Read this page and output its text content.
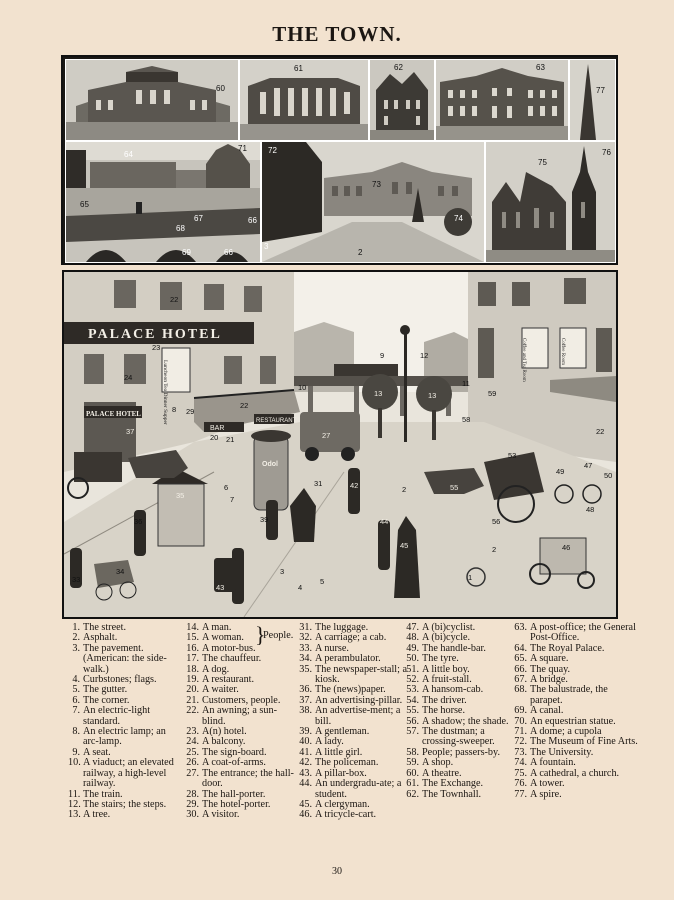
THE TOWN.
60
61	62	63
77
64
71
65
67
68
69
66
66
72
73
74
2
3
75
76
PALACE HOTEL
PALACE HOTEL
BAR
RESTAURANT
Luncheon Tea Dinner Supper
Coffee and Tea Room	Coffee Room
Odol
22
23
24
37
8
20 21
22
27
13	13
10
9	12
11
59
58
53
55
56
49	50
47
35
36
33
34
39
43
44
45
42
46
31
1
2
2
5
4
3
6
7
22
48
29
1. The street.
2. Asphalt.
3. The pavement. (American: the side-walk.)
4. Curbstones; flags.
5. The gutter.
6. The corner.
7. An electric-light standard.
8. An electric lamp; an arc-lamp.
9. A seat.
10. A viaduct; an elevated railway, a high-level railway.
11. The train.
12. The stairs; the steps.
13. A tree.
14. A man.
15. A woman.
16. A motor-bus.
17. The chauffeur.
18. A dog.
19. A restaurant.
20. A waiter.
21. Customers, people.
22. An awning; a sun-blind.
23. A(n) hotel.
24. A balcony.
25. The sign-board.
26. A coat-of-arms.
27. The entrance; the hall-door.
28. The hall-porter.
29. The hotel-porter.
30. A visitor.
}
People.
31. The luggage.
32. A carriage; a cab.
33. A nurse.
34. A perambulator.
35. The newspaper-stall; a kiosk.
36. The (news)paper.
37. An advertising-pillar.
38. An advertise-ment; a bill.
39. A gentleman.
40. A lady.
41. A little girl.
42. The policeman.
43. A pillar-box.
44. An undergradu-ate; a student.
45. A clergyman.
46. A tricycle-cart.
47. A (bi)cyclist.
48. A (bi)cycle.
49. The handle-bar.
50. The tyre.
51. A little boy.
52. A fruit-stall.
53. A hansom-cab.
54. The driver.
55. The horse.
56. A shadow; the shade.
57. The dustman; a crossing-sweeper.
58. People; passers-by.
59. A shop.
60. A theatre.
61. The Exchange.
62. The Townhall.
63. A post-office; the General Post-Office.
64. The Royal Palace.
65. A square.
66. The quay.
67. A bridge.
68. The balustrade, the parapet.
69. A canal.
70. An equestrian statue.
71. A dome; a cupola
72. The Museum of Fine Arts.
73. The University.
74. A fountain.
75. A cathedral, a church.
76. A tower.
77. A spire.
30
